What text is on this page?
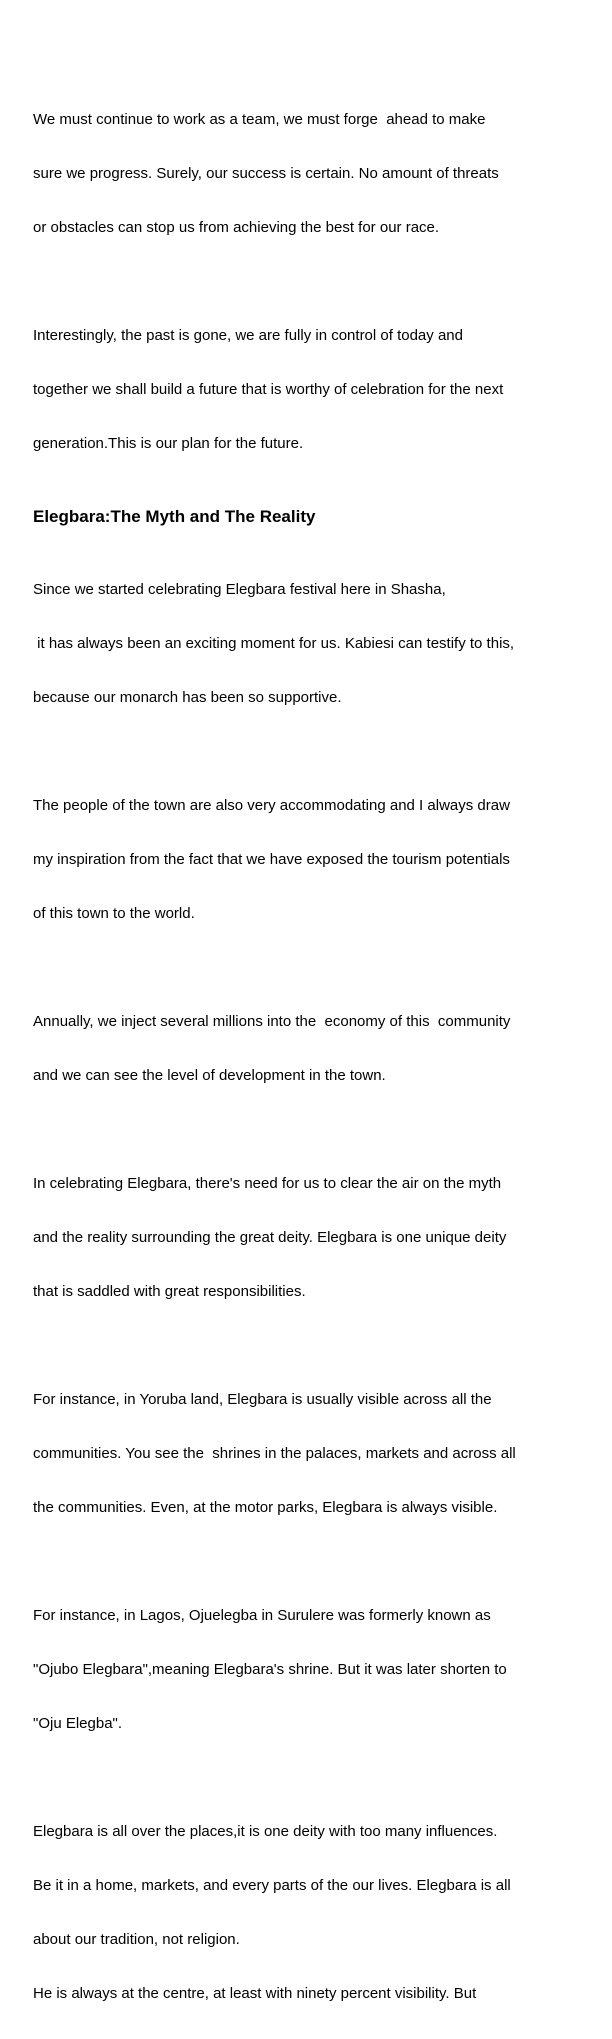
We must continue to work as a team, we must forge  ahead to make

sure we progress. Surely, our success is certain. No amount of threats

or obstacles can stop us from achieving the best for our race.

Interestingly, the past is gone, we are fully in control of today and

together we shall build a future that is worthy of celebration for the next

generation.This is our plan for the future.

Elegbara:The Myth and The Reality

Since we started celebrating Elegbara festival here in Shasha,

it has always been an exciting moment for us. Kabiesi can testify to this,

because our monarch has been so supportive.

The people of the town are also very accommodating and I always draw

my inspiration from the fact that we have exposed the tourism potentials

of this town to the world.

Annually, we inject several millions into the  economy of this  community

and we can see the level of development in the town.

In celebrating Elegbara, there's need for us to clear the air on the myth

and the reality surrounding the great deity. Elegbara is one unique deity

that is saddled with great responsibilities.

For instance, in Yoruba land, Elegbara is usually visible across all the

communities. You see the  shrines in the palaces, markets and across all

the communities. Even, at the motor parks, Elegbara is always visible.

For instance, in Lagos, Ojuelegba in Surulere was formerly known as

"Ojubo Elegbara",meaning Elegbara's shrine. But it was later shorten to

"Oju Elegba".

Elegbara is all over the places,it is one deity with too many influences.

Be it in a home, markets, and every parts of the our lives. Elegbara is all

about our tradition, not religion.

He is always at the centre, at least with ninety percent visibility. But
